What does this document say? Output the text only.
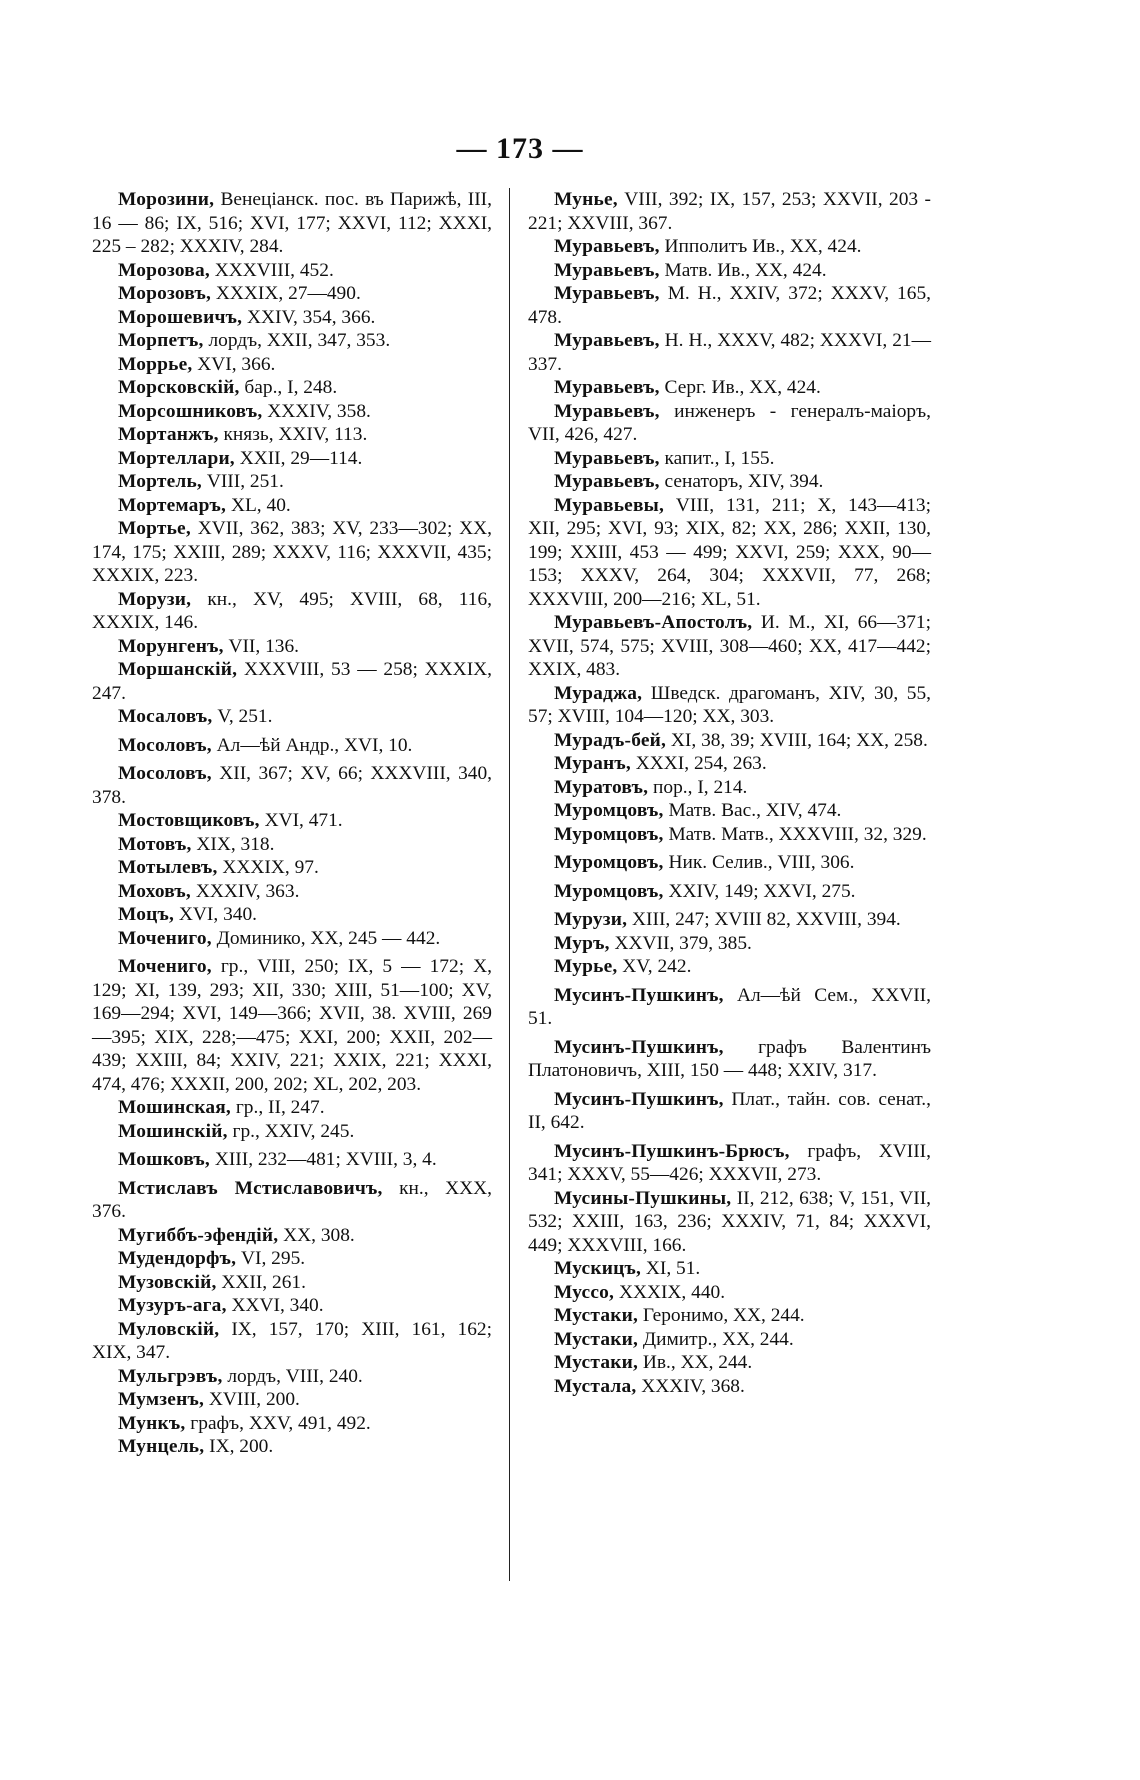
— 173 —

Морозини, Венеціанск. пос. въ Парижѣ, III, 16 — 86; IX, 516; XVI, 177; XXVI, 112; XXXI, 225 – 282; XXXIV, 284.

Морозова, XXXVIII, 452.

Морозовъ, XXXIX, 27—490.

Морошевичъ, XXIV, 354, 366.

Морпетъ, лордъ, XXII, 347, 353.

Моррье, XVI, 366.

Морсковскій, бар., I, 248.

Морсошниковъ, XXXIV, 358.

Мортанжъ, князь, XXIV, 113.

Мортеллари, XXII, 29—114.

Мортель, VIII, 251.

Мортемаръ, XL, 40.

Мортье, XVII, 362, 383; XV, 233—302; XX, 174, 175; XXIII, 289; XXXV, 116; XXXVII, 435; XXXIX, 223.

Морузи, кн., XV, 495; XVIII, 68, 116, XXXIX, 146.

Морунгенъ, VII, 136.

Моршанскій, XXXVIII, 53 — 258; XXXIX, 247.

Мосаловъ, V, 251.

Мосоловъ, Ал—ѣй Андр., XVI, 10.

Мосоловъ, XII, 367; XV, 66; XXXVIII, 340, 378.

Мостовщиковъ, XVI, 471.

Мотовъ, XIX, 318.

Мотылевъ, XXXIX, 97.

Моховъ, XXXIV, 363.

Моцъ, XVI, 340.

Мочениго, Доминико, XX, 245 — 442.

Мочениго, гр., VIII, 250; IX, 5 — 172; X, 129; XI, 139, 293; XII, 330; XIII, 51—100; XV, 169—294; XVI, 149—366; XVII, 38. XVIII, 269—395; XIX, 228;—475; XXI, 200; XXII, 202—439; XXIII, 84; XXIV, 221; XXIX, 221; XXXI, 474, 476; XXXII, 200, 202; XL, 202, 203.

Мошинская, гр., II, 247.

Мошинскій, гр., XXIV, 245.

Мошковъ, XIII, 232—481; XVIII, 3, 4.

Мстиславъ Мстиславовичъ, кн., XXX, 376.

Мугиббъ-эфендій, XX, 308.

Мудендорфъ, VI, 295.

Музовскій, XXII, 261.

Музуръ-ага, XXVI, 340.

Муловскій, IX, 157, 170; XIII, 161, 162; XIX, 347.

Мульгрэвъ, лордъ, VIII, 240.

Мумзенъ, XVIII, 200.

Мункъ, графъ, XXV, 491, 492.

Мунцель, IX, 200.

Мунье, VIII, 392; IX, 157, 253; XXVII, 203 - 221; XXVIII, 367.

Муравьевъ, Ипполитъ Ив., XX, 424.

Муравьевъ, Матв. Ив., XX, 424.

Муравьевъ, М. Н., XXIV, 372; XXXV, 165, 478.

Муравьевъ, Н. Н., XXXV, 482; XXXVI, 21—337.

Муравьевъ, Серг. Ив., XX, 424.

Муравьевъ, инженеръ - генералъ-маіоръ, VII, 426, 427.

Муравьевъ, капит., I, 155.

Муравьевъ, сенаторъ, XIV, 394.

Муравьевы, VIII, 131, 211; X, 143—413; XII, 295; XVI, 93; XIX, 82; XX, 286; XXII, 130, 199; XXIII, 453 — 499; XXVI, 259; XXX, 90—153; XXXV, 264, 304; XXXVII, 77, 268; XXXVIII, 200—216; XL, 51.

Муравьевъ-Апостолъ, И. М., XI, 66—371; XVII, 574, 575; XVIII, 308—460; XX, 417—442; XXIX, 483.

Мураджа, Шведск. драгоманъ, XIV, 30, 55, 57; XVIII, 104—120; XX, 303.

Мурадъ-бей, XI, 38, 39; XVIII, 164; XX, 258.

Муранъ, XXXI, 254, 263.

Муратовъ, пор., I, 214.

Муромцовъ, Матв. Вас., XIV, 474.

Муромцовъ, Матв. Матв., XXXVIII, 32, 329.

Муромцовъ, Ник. Селив., VIII, 306.

Муромцовъ, XXIV, 149; XXVI, 275.

Мурузи, XIII, 247; XVIII 82, XXVIII, 394.

Муръ, XXVII, 379, 385.

Мурье, XV, 242.

Мусинъ-Пушкинъ, Ал—ѣй Сем., XXVII, 51.

Мусинъ-Пушкинъ, графъ Валентинъ Платоновичъ, XIII, 150 — 448; XXIV, 317.

Мусинъ-Пушкинъ, Плат., тайн. сов. сенат., II, 642.

Мусинъ-Пушкинъ-Брюсъ, графъ, XVIII, 341; XXXV, 55—426; XXXVII, 273.

Мусины-Пушкины, II, 212, 638; V, 151, VII, 532; XXIII, 163, 236; XXXIV, 71, 84; XXXVI, 449; XXXVIII, 166.

Мускицъ, XI, 51.

Муссо, XXXIX, 440.

Мустаки, Геронимо, XX, 244.

Мустаки, Димитр., XX, 244.

Мустаки, Ив., XX, 244.

Мустала, XXXIV, 368.
